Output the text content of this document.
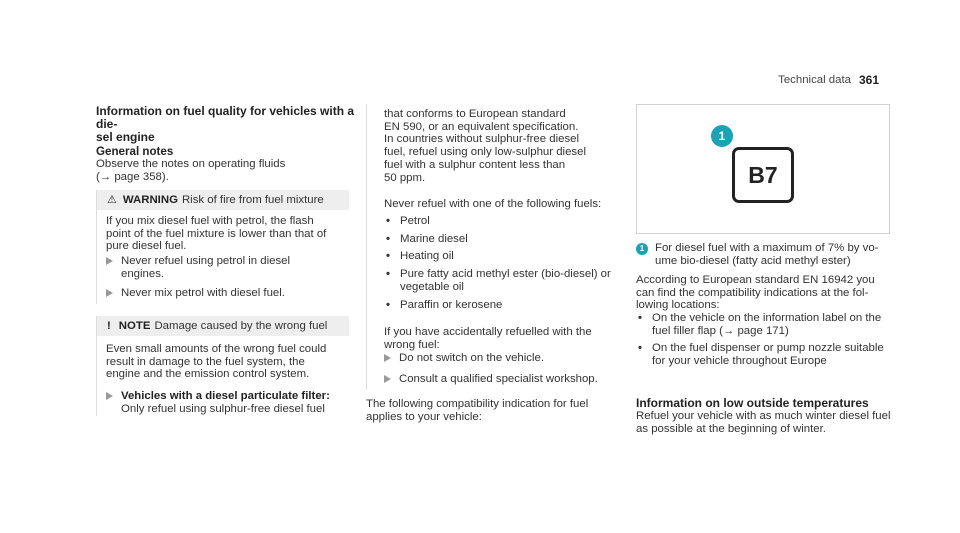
Technical data 361
Information on fuel quality for vehicles with a die-
sel engine
General notes
Observe the notes on operating fluids
(→ page 358).
⚠ WARNING Risk of fire from fuel mixture
If you mix diesel fuel with petrol, the flash
point of the fuel mixture is lower than that of
pure diesel fuel.
Never refuel using petrol in diesel
engines.
Never mix petrol with diesel fuel.
! NOTE Damage caused by the wrong fuel
Even small amounts of the wrong fuel could
result in damage to the fuel system, the
engine and the emission control system.
Vehicles with a diesel particulate filter:
Only refuel using sulphur-free diesel fuel
that conforms to European standard
EN 590, or an equivalent specification.
In countries without sulphur-free diesel
fuel, refuel using only low-sulphur diesel
fuel with a sulphur content less than
50 ppm.
Never refuel with one of the following fuels:
• Petrol
• Marine diesel
• Heating oil
• Pure fatty acid methyl ester (bio-diesel) or
vegetable oil
• Paraffin or kerosene
If you have accidentally refuelled with the
wrong fuel:
Do not switch on the vehicle.
Consult a qualified specialist workshop.
The following compatibility indication for fuel
applies to your vehicle:
1
B7
1 For diesel fuel with a maximum of 7% by vo-
ume bio-diesel (fatty acid methyl ester)
According to European standard EN 16942 you
can find the compatibility indications at the fol-
lowing locations:
• On the vehicle on the information label on the
fuel filler flap (→ page 171)
• On the fuel dispenser or pump nozzle suitable
for your vehicle throughout Europe
Information on low outside temperatures
Refuel your vehicle with as much winter diesel fuel
as possible at the beginning of winter.
